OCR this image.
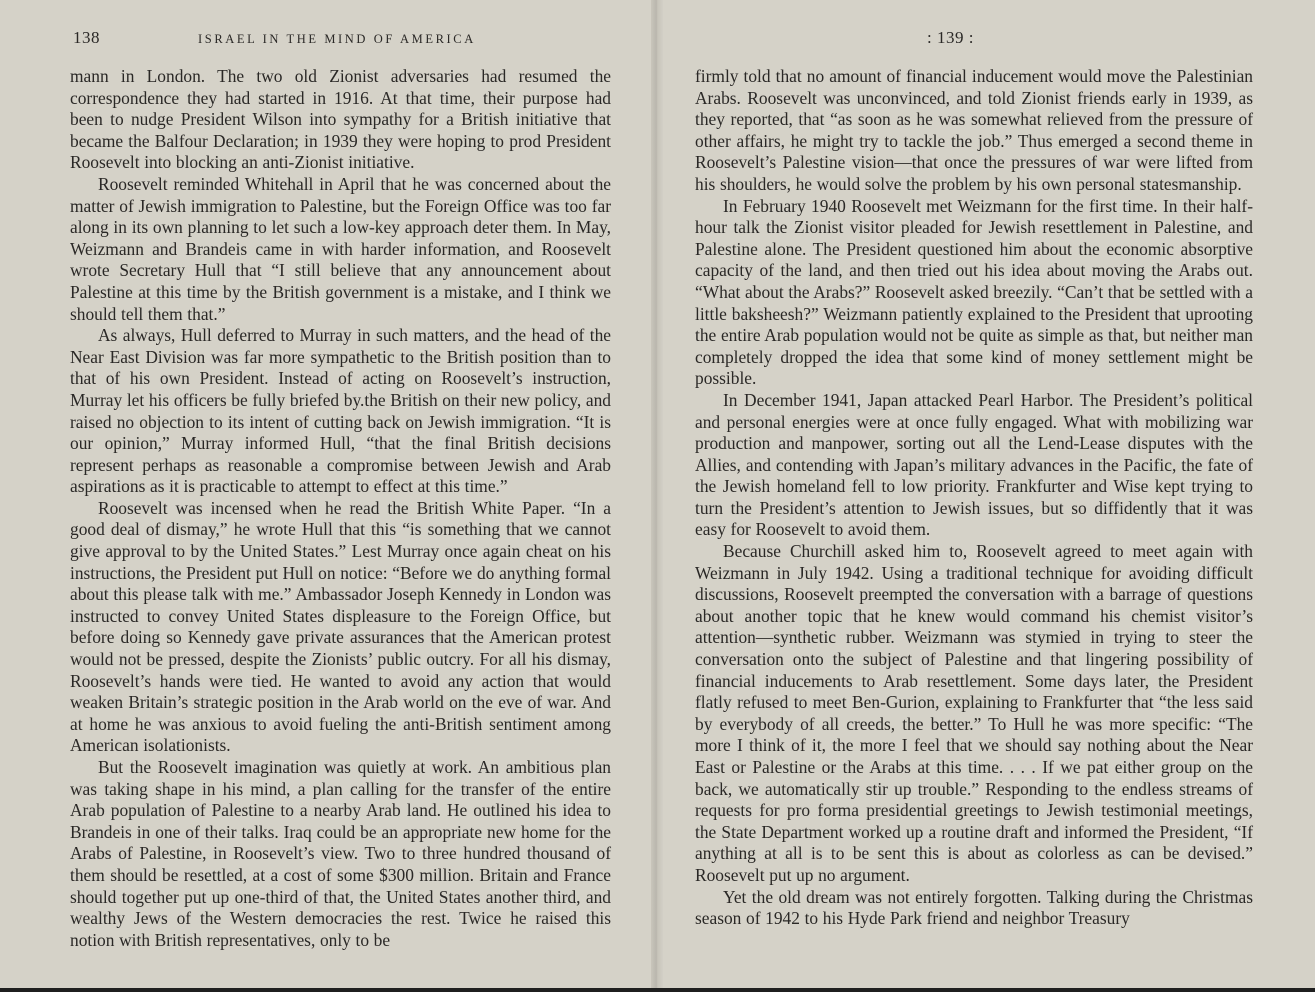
138	ISRAEL IN THE MIND OF AMERICA

mann in London. The two old Zionist adversaries had resumed the correspondence they had started in 1916. At that time, their purpose had been to nudge President Wilson into sympathy for a British initiative that became the Balfour Declaration; in 1939 they were hoping to prod President Roosevelt into blocking an anti-Zionist initiative.

Roosevelt reminded Whitehall in April that he was concerned about the matter of Jewish immigration to Palestine, but the Foreign Office was too far along in its own planning to let such a low-key approach deter them. In May, Weizmann and Brandeis came in with harder information, and Roosevelt wrote Secretary Hull that “I still believe that any announcement about Palestine at this time by the British government is a mistake, and I think we should tell them that.”

As always, Hull deferred to Murray in such matters, and the head of the Near East Division was far more sympathetic to the British position than to that of his own President. Instead of acting on Roosevelt’s instruction, Murray let his officers be fully briefed by.the British on their new policy, and raised no objection to its intent of cutting back on Jewish immigration. “It is our opinion,” Murray informed Hull, “that the final British decisions represent perhaps as reasonable a compromise between Jewish and Arab aspirations as it is practicable to attempt to effect at this time.”

Roosevelt was incensed when he read the British White Paper. “In a good deal of dismay,” he wrote Hull that this “is something that we cannot give approval to by the United States.” Lest Murray once again cheat on his instructions, the President put Hull on notice: “Before we do anything formal about this please talk with me.” Ambassador Joseph Kennedy in London was instructed to convey United States displeasure to the Foreign Office, but before doing so Kennedy gave private assurances that the American protest would not be pressed, despite the Zionists’ public outcry. For all his dismay, Roosevelt’s hands were tied. He wanted to avoid any action that would weaken Britain’s strategic position in the Arab world on the eve of war. And at home he was anxious to avoid fueling the anti-British sentiment among American isolationists.

But the Roosevelt imagination was quietly at work. An ambitious plan was taking shape in his mind, a plan calling for the transfer of the entire Arab population of Palestine to a nearby Arab land. He outlined his idea to Brandeis in one of their talks. Iraq could be an appropriate new home for the Arabs of Palestine, in Roosevelt’s view. Two to three hundred thousand of them should be resettled, at a cost of some $300 million. Britain and France should together put up one-third of that, the United States another third, and wealthy Jews of the Western democracies the rest. Twice he raised this notion with British representatives, only to be

: 139 :

firmly told that no amount of financial inducement would move the Palestinian Arabs. Roosevelt was unconvinced, and told Zionist friends early in 1939, as they reported, that “as soon as he was somewhat relieved from the pressure of other affairs, he might try to tackle the job.” Thus emerged a second theme in Roosevelt’s Palestine vision—that once the pressures of war were lifted from his shoulders, he would solve the problem by his own personal statesmanship.

In February 1940 Roosevelt met Weizmann for the first time. In their half-hour talk the Zionist visitor pleaded for Jewish resettlement in Palestine, and Palestine alone. The President questioned him about the economic absorptive capacity of the land, and then tried out his idea about moving the Arabs out. “What about the Arabs?” Roosevelt asked breezily. “Can’t that be settled with a little baksheesh?” Weizmann patiently explained to the President that uprooting the entire Arab population would not be quite as simple as that, but neither man completely dropped the idea that some kind of money settlement might be possible.

In December 1941, Japan attacked Pearl Harbor. The President’s political and personal energies were at once fully engaged. What with mobilizing war production and manpower, sorting out all the Lend-Lease disputes with the Allies, and contending with Japan’s military advances in the Pacific, the fate of the Jewish homeland fell to low priority. Frankfurter and Wise kept trying to turn the President’s attention to Jewish issues, but so diffidently that it was easy for Roosevelt to avoid them.

Because Churchill asked him to, Roosevelt agreed to meet again with Weizmann in July 1942. Using a traditional technique for avoiding difficult discussions, Roosevelt preempted the conversation with a barrage of questions about another topic that he knew would command his chemist visitor’s attention—synthetic rubber. Weizmann was stymied in trying to steer the conversation onto the subject of Palestine and that lingering possibility of financial inducements to Arab resettlement. Some days later, the President flatly refused to meet Ben-Gurion, explaining to Frankfurter that “the less said by everybody of all creeds, the better.” To Hull he was more specific: “The more I think of it, the more I feel that we should say nothing about the Near East or Palestine or the Arabs at this time. . . . If we pat either group on the back, we automatically stir up trouble.” Responding to the endless streams of requests for pro forma presidential greetings to Jewish testimonial meetings, the State Department worked up a routine draft and informed the President, “If anything at all is to be sent this is about as colorless as can be devised.” Roosevelt put up no argument.

Yet the old dream was not entirely forgotten. Talking during the Christmas season of 1942 to his Hyde Park friend and neighbor Treasury
